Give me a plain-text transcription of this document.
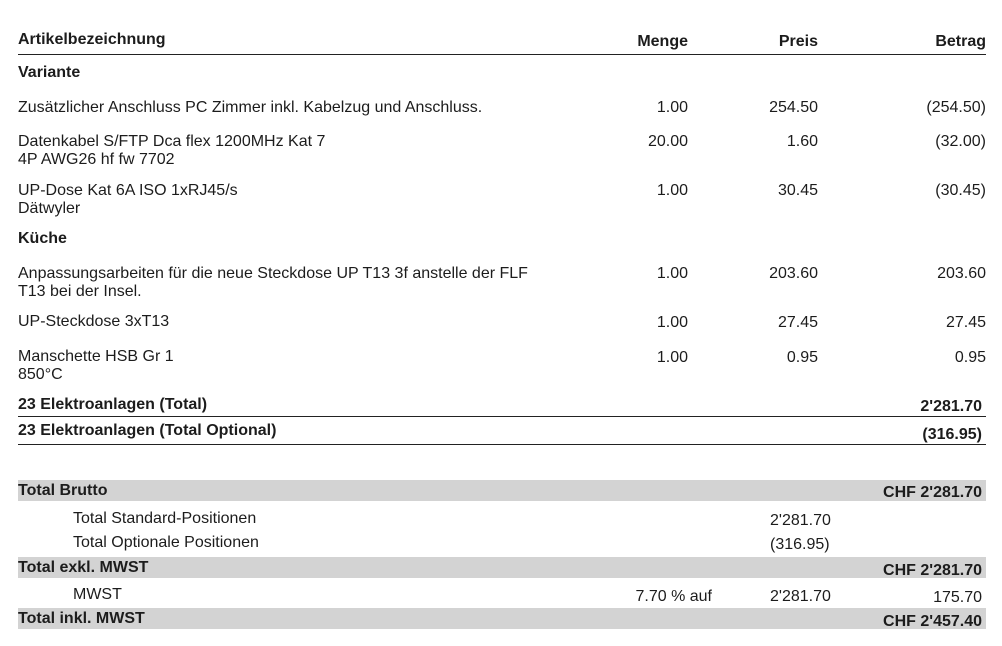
Artikelbezeichnung	Menge	Preis	Betrag
Variante
Zusätzlicher Anschluss PC Zimmer inkl. Kabelzug und Anschluss.	1.00	254.50	(254.50)
Datenkabel S/FTP Dca flex 1200MHz Kat 7
4P AWG26 hf fw 7702
20.00	1.60	(32.00)
UP-Dose Kat 6A ISO 1xRJ45/s
Dätwyler
1.00	30.45	(30.45)
Küche
Anpassungsarbeiten für die neue Steckdose UP T13 3f anstelle der FLF
T13 bei der Insel.
1.00	203.60	203.60
UP-Steckdose 3xT13	1.00	27.45	27.45
Manschette HSB Gr 1
850°C
1.00	0.95	0.95
23 Elektroanlagen (Total)	2'281.70
23 Elektroanlagen (Total Optional)	(316.95)
Total Brutto	CHF 2'281.70
Total Standard-Positionen	2'281.70
Total Optionale Positionen	(316.95)
Total exkl. MWST	CHF 2'281.70
MWST	7.70 % auf	2'281.70	175.70
Total inkl. MWST	CHF 2'457.40
